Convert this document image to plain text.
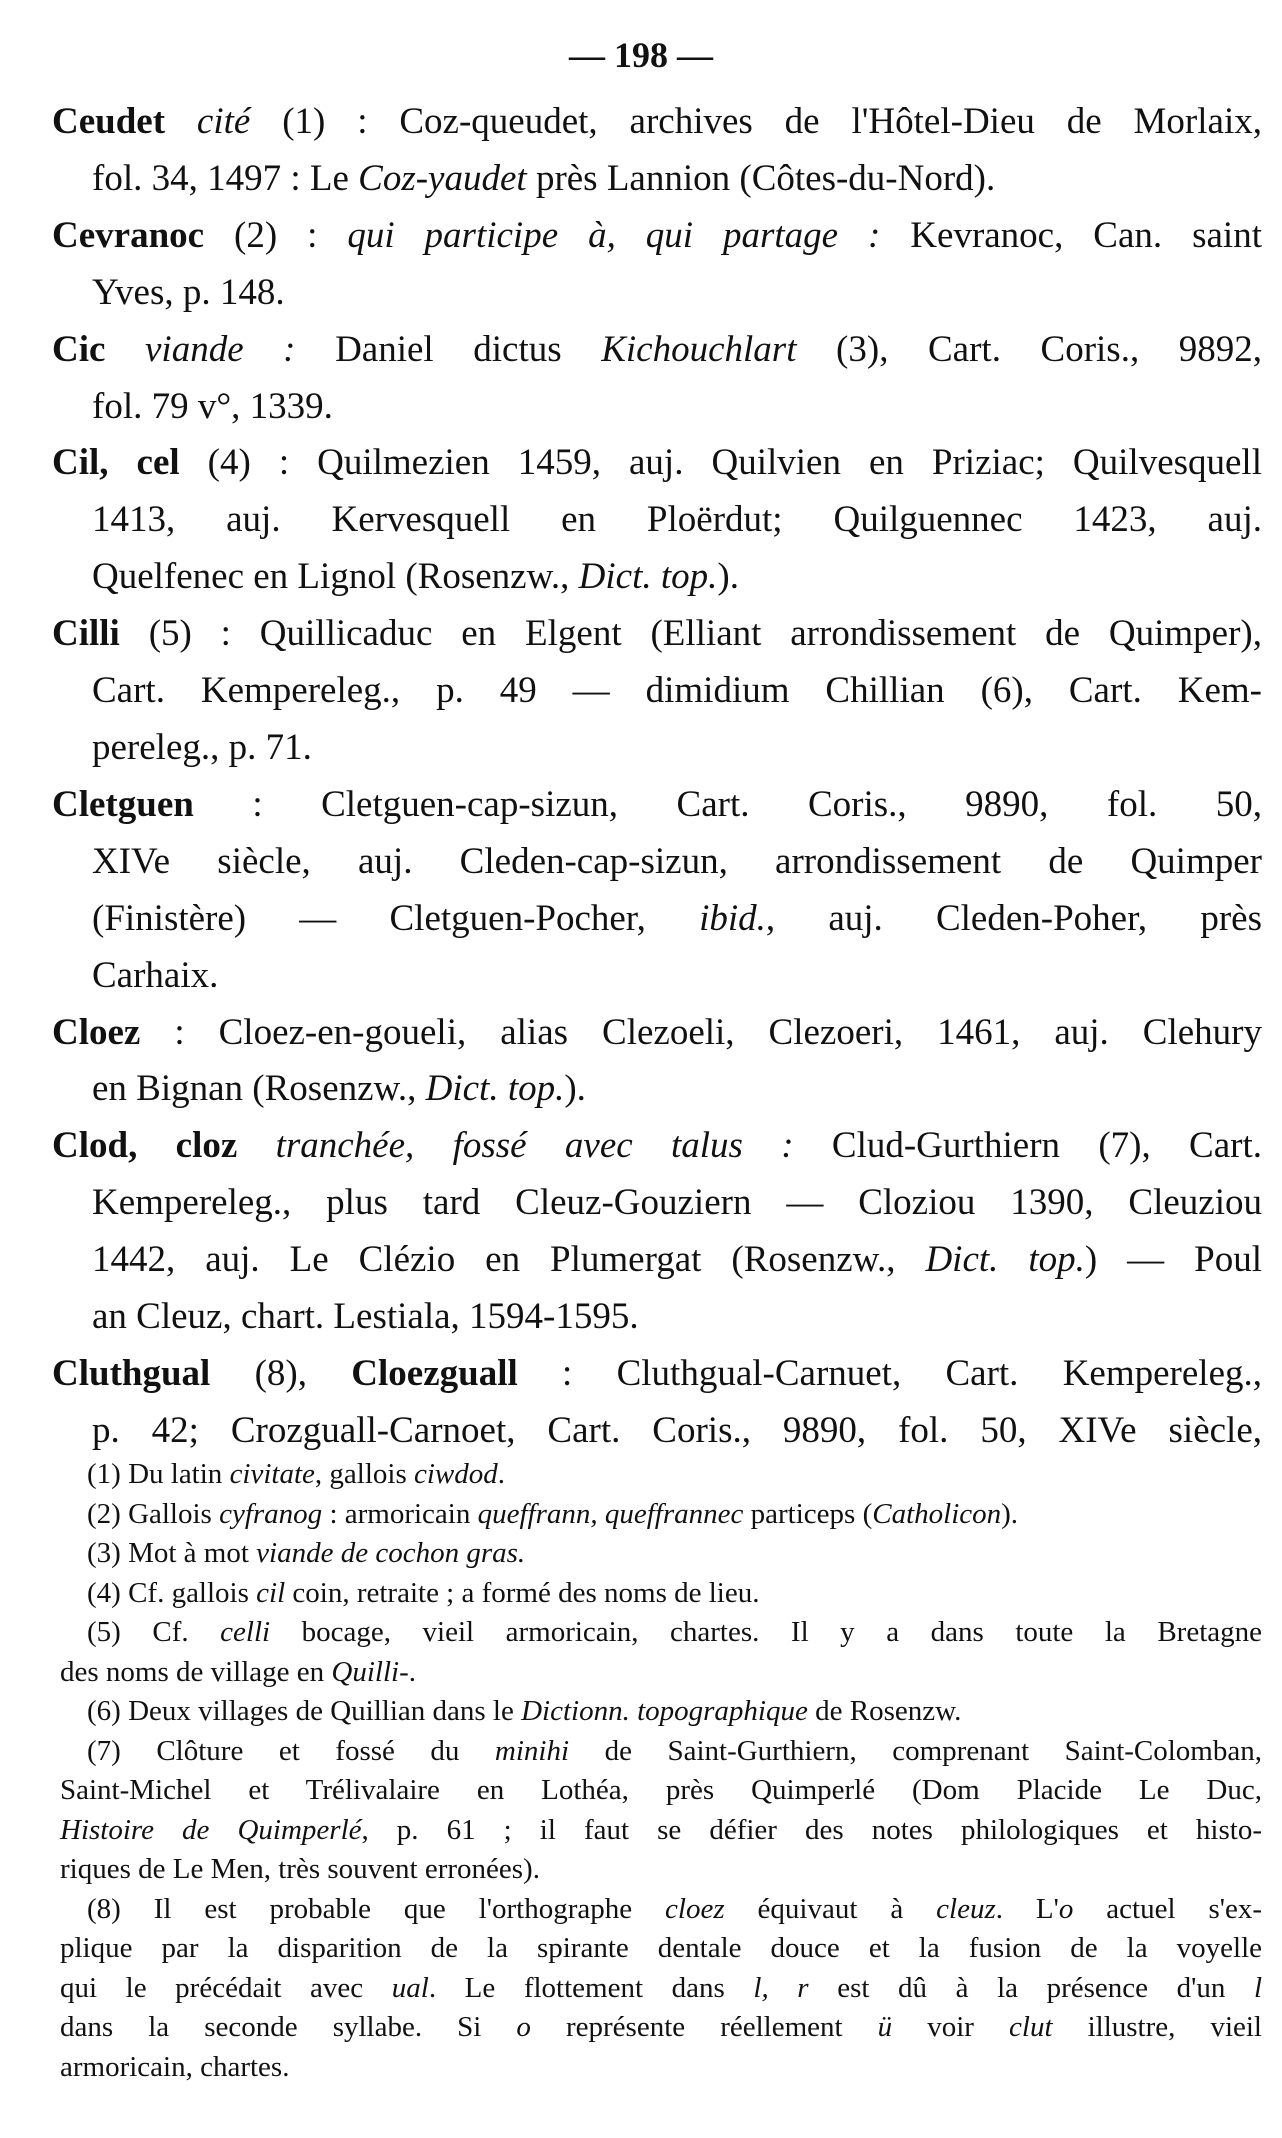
— 198 —
Ceudet cité (1) : Coz-queudet, archives de l'Hôtel-Dieu de Morlaix,
fol. 34, 1497 : Le Coz-yaudet près Lannion (Côtes-du-Nord).
Cevranoc (2) : qui participe à, qui partage : Kevranoc, Can. saint
Yves, p. 148.
Cic viande : Daniel dictus Kichouchlart (3), Cart. Coris., 9892,
fol. 79 v°, 1339.
Cil, cel (4) : Quilmezien 1459, auj. Quilvien en Priziac; Quilvesquell
1413, auj. Kervesquell en Ploërdut; Quilguennec 1423, auj.
Quelfenec en Lignol (Rosenzw., Dict. top.).
Cilli (5) : Quillicaduc en Elgent (Elliant arrondissement de Quimper),
Cart. Kempereleg., p. 49 — dimidium Chillian (6), Cart. Kem-
pereleg., p. 71.
Cletguen : Cletguen-cap-sizun, Cart. Coris., 9890, fol. 50,
XIVe siècle, auj. Cleden-cap-sizun, arrondissement de Quimper
(Finistère) — Cletguen-Pocher, ibid., auj. Cleden-Poher, près
Carhaix.
Cloez : Cloez-en-goueli, alias Clezoeli, Clezoeri, 1461, auj. Clehury
en Bignan (Rosenzw., Dict. top.).
Clod, cloz tranchée, fossé avec talus : Clud-Gurthiern (7), Cart.
Kempereleg., plus tard Cleuz-Gouziern — Cloziou 1390, Cleuziou
1442, auj. Le Clézio en Plumergat (Rosenzw., Dict. top.) — Poul
an Cleuz, chart. Lestiala, 1594-1595.
Cluthgual (8), Cloezguall : Cluthgual-Carnuet, Cart. Kempereleg.,
p. 42; Crozguall-Carnoet, Cart. Coris., 9890, fol. 50, XIVe siècle,
(1) Du latin civitate, gallois ciwdod.
(2) Gallois cyfranog : armoricain queffrann, queffrannec particeps (Catholicon).
(3) Mot à mot viande de cochon gras.
(4) Cf. gallois cil coin, retraite ; a formé des noms de lieu.
(5) Cf. celli bocage, vieil armoricain, chartes. Il y a dans toute la Bretagne
des noms de village en Quilli-.
(6) Deux villages de Quillian dans le Dictionn. topographique de Rosenzw.
(7) Clôture et fossé du minihi de Saint-Gurthiern, comprenant Saint-Colomban,
Saint-Michel et Trélivalaire en Lothéa, près Quimperlé (Dom Placide Le Duc,
Histoire de Quimperlé, p. 61 ; il faut se défier des notes philologiques et histo-
riques de Le Men, très souvent erronées).
(8) Il est probable que l'orthographe cloez équivaut à cleuz. L'o actuel s'ex-
plique par la disparition de la spirante dentale douce et la fusion de la voyelle
qui le précédait avec ual. Le flottement dans l, r est dû à la présence d'un l
dans la seconde syllabe. Si o représente réellement ü voir clut illustre, vieil
armoricain, chartes.
